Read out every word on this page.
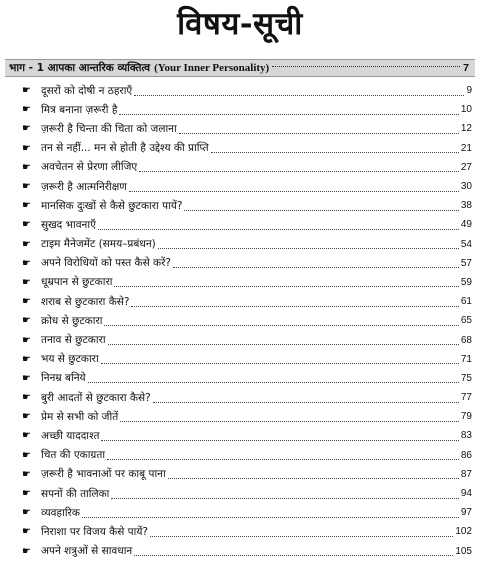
विषय-सूची
भाग - 1 आपका आन्तरिक व्यक्तित्व (Your Inner Personality)	7
☛ दूसरों को दोषी न ठहराएँ	9
☛ मित्र बनाना ज़रूरी है	10
☛ ज़रूरी है चिन्ता की चिता को जलाना	12
☛ तन से नहीं... मन से होती है उद्देश्य की प्राप्ति	21
☛ अवचेतन से प्रेरणा लीजिए	27
☛ ज़रूरी है आत्मनिरीक्षण	30
☛ मानसिक दुःखों से कैसे छुटकारा पायें?	38
☛ सुखद भावनाएँ	49
☛ टाइम मैनेजमेंट (समय–प्रबंधन)	54
☛ अपने विरोधियों को पस्त कैसे करें?	57
☛ धूम्रपान से छुटकारा	59
☛ शराब से छुटकारा कैसे?	61
☛ क्रोध से छुटकारा	65
☛ तनाव से छुटकारा	68
☛ भय से छुटकारा	71
☛ निनम्र बनिये	75
☛ बुरी आदतों से छुटकारा कैसे?	77
☛ प्रेम से सभी को जीतें	79
☛ अच्छी याददाश्त	83
☛ चित की एकाग्रता	86
☛ ज़रूरी है भावनाओं पर काबू पाना	87
☛ सपनों की तालिका	94
☛ व्यवहारिक	97
☛ निराशा पर विजय कैसे पायें?	102
☛ अपने शत्रुओं से सावधान	105
